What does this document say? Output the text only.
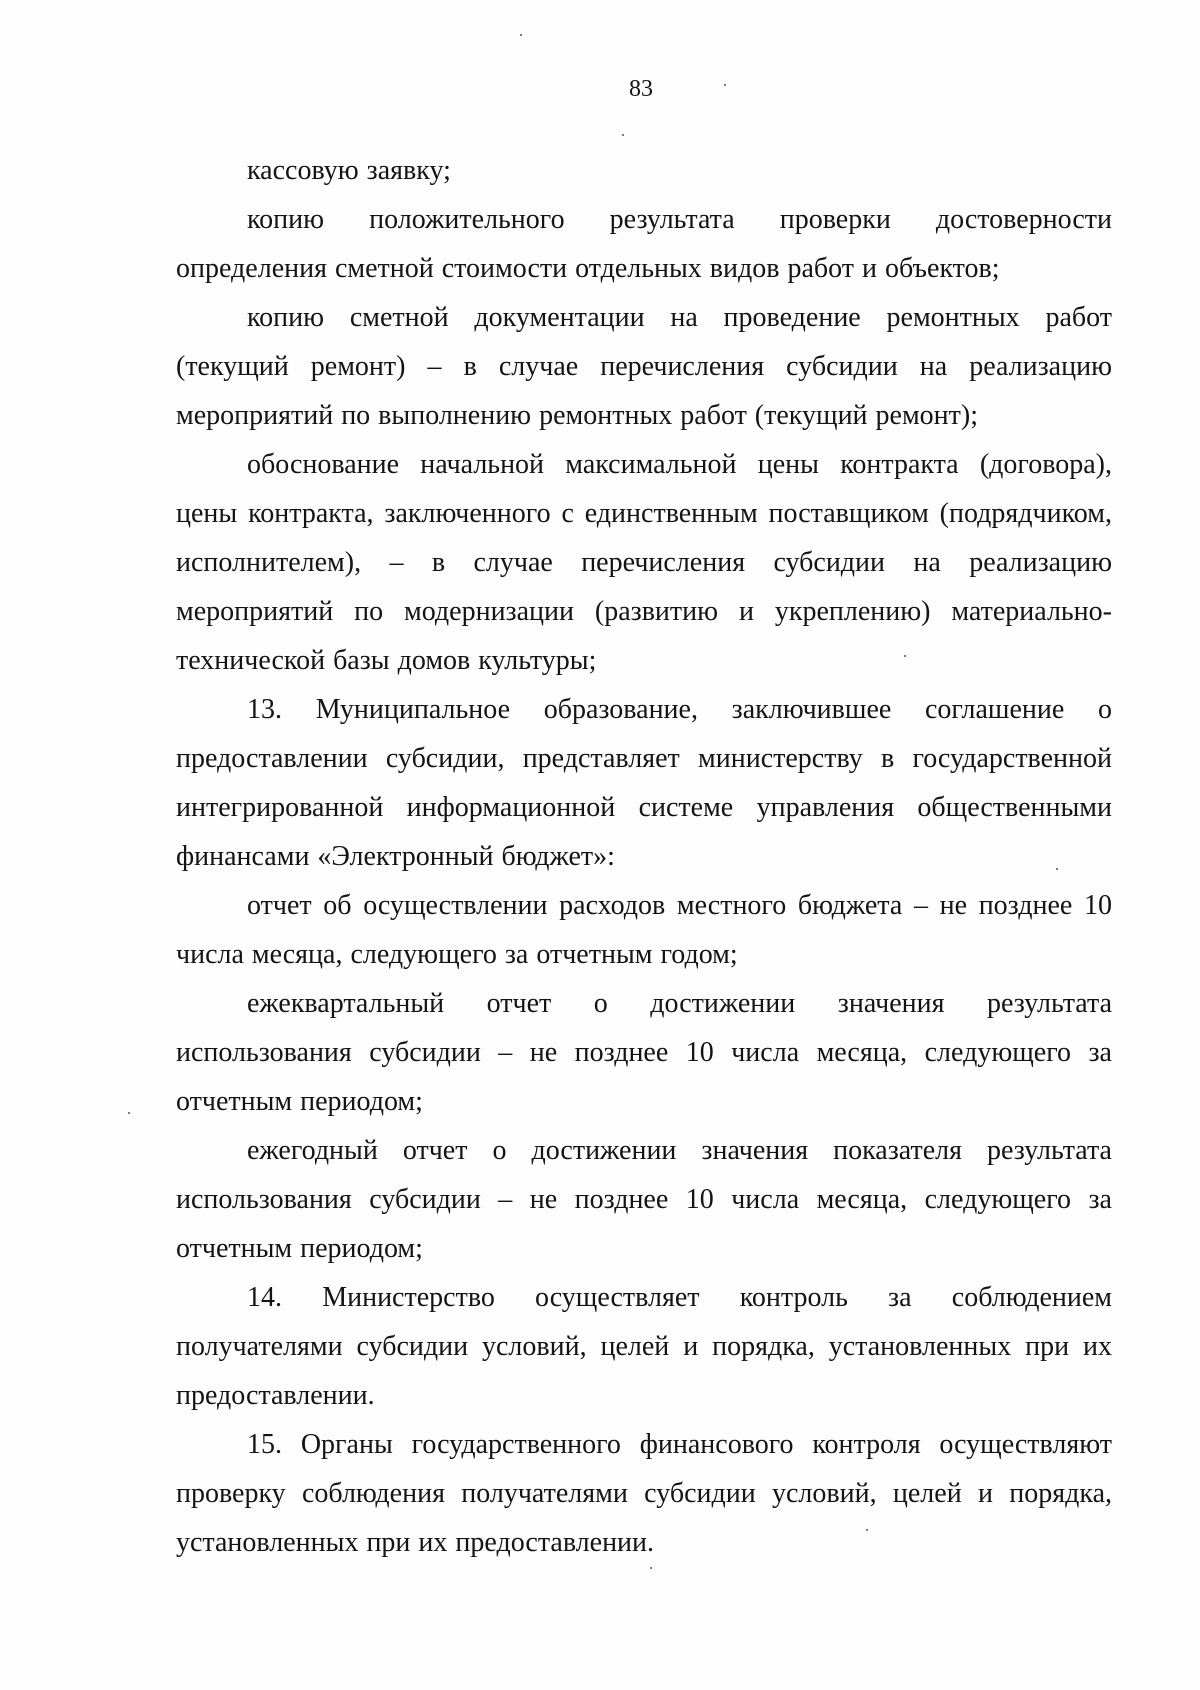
83

кассовую заявку;

копию положительного результата проверки достоверности определения сметной стоимости отдельных видов работ и объектов;

копию сметной документации на проведение ремонтных работ (текущий ремонт) – в случае перечисления субсидии на реализацию мероприятий по выполнению ремонтных работ (текущий ремонт);

обоснование начальной максимальной цены контракта (договора), цены контракта, заключенного с единственным поставщиком (подрядчиком, исполнителем), – в случае перечисления субсидии на реализацию мероприятий по модернизации (развитию и укреплению) материально-технической базы домов культуры;

13. Муниципальное образование, заключившее соглашение о предоставлении субсидии, представляет министерству в государственной интегрированной информационной системе управления общественными финансами «Электронный бюджет»:

отчет об осуществлении расходов местного бюджета – не позднее 10 числа месяца, следующего за отчетным годом;

ежеквартальный отчет о достижении значения результата использования субсидии – не позднее 10 числа месяца, следующего за отчетным периодом;

ежегодный отчет о достижении значения показателя результата использования субсидии – не позднее 10 числа месяца, следующего за отчетным периодом;

14. Министерство осуществляет контроль за соблюдением получателями субсидии условий, целей и порядка, установленных при их предоставлении.

15. Органы государственного финансового контроля осуществляют проверку соблюдения получателями субсидии условий, целей и порядка, установленных при их предоставлении.
